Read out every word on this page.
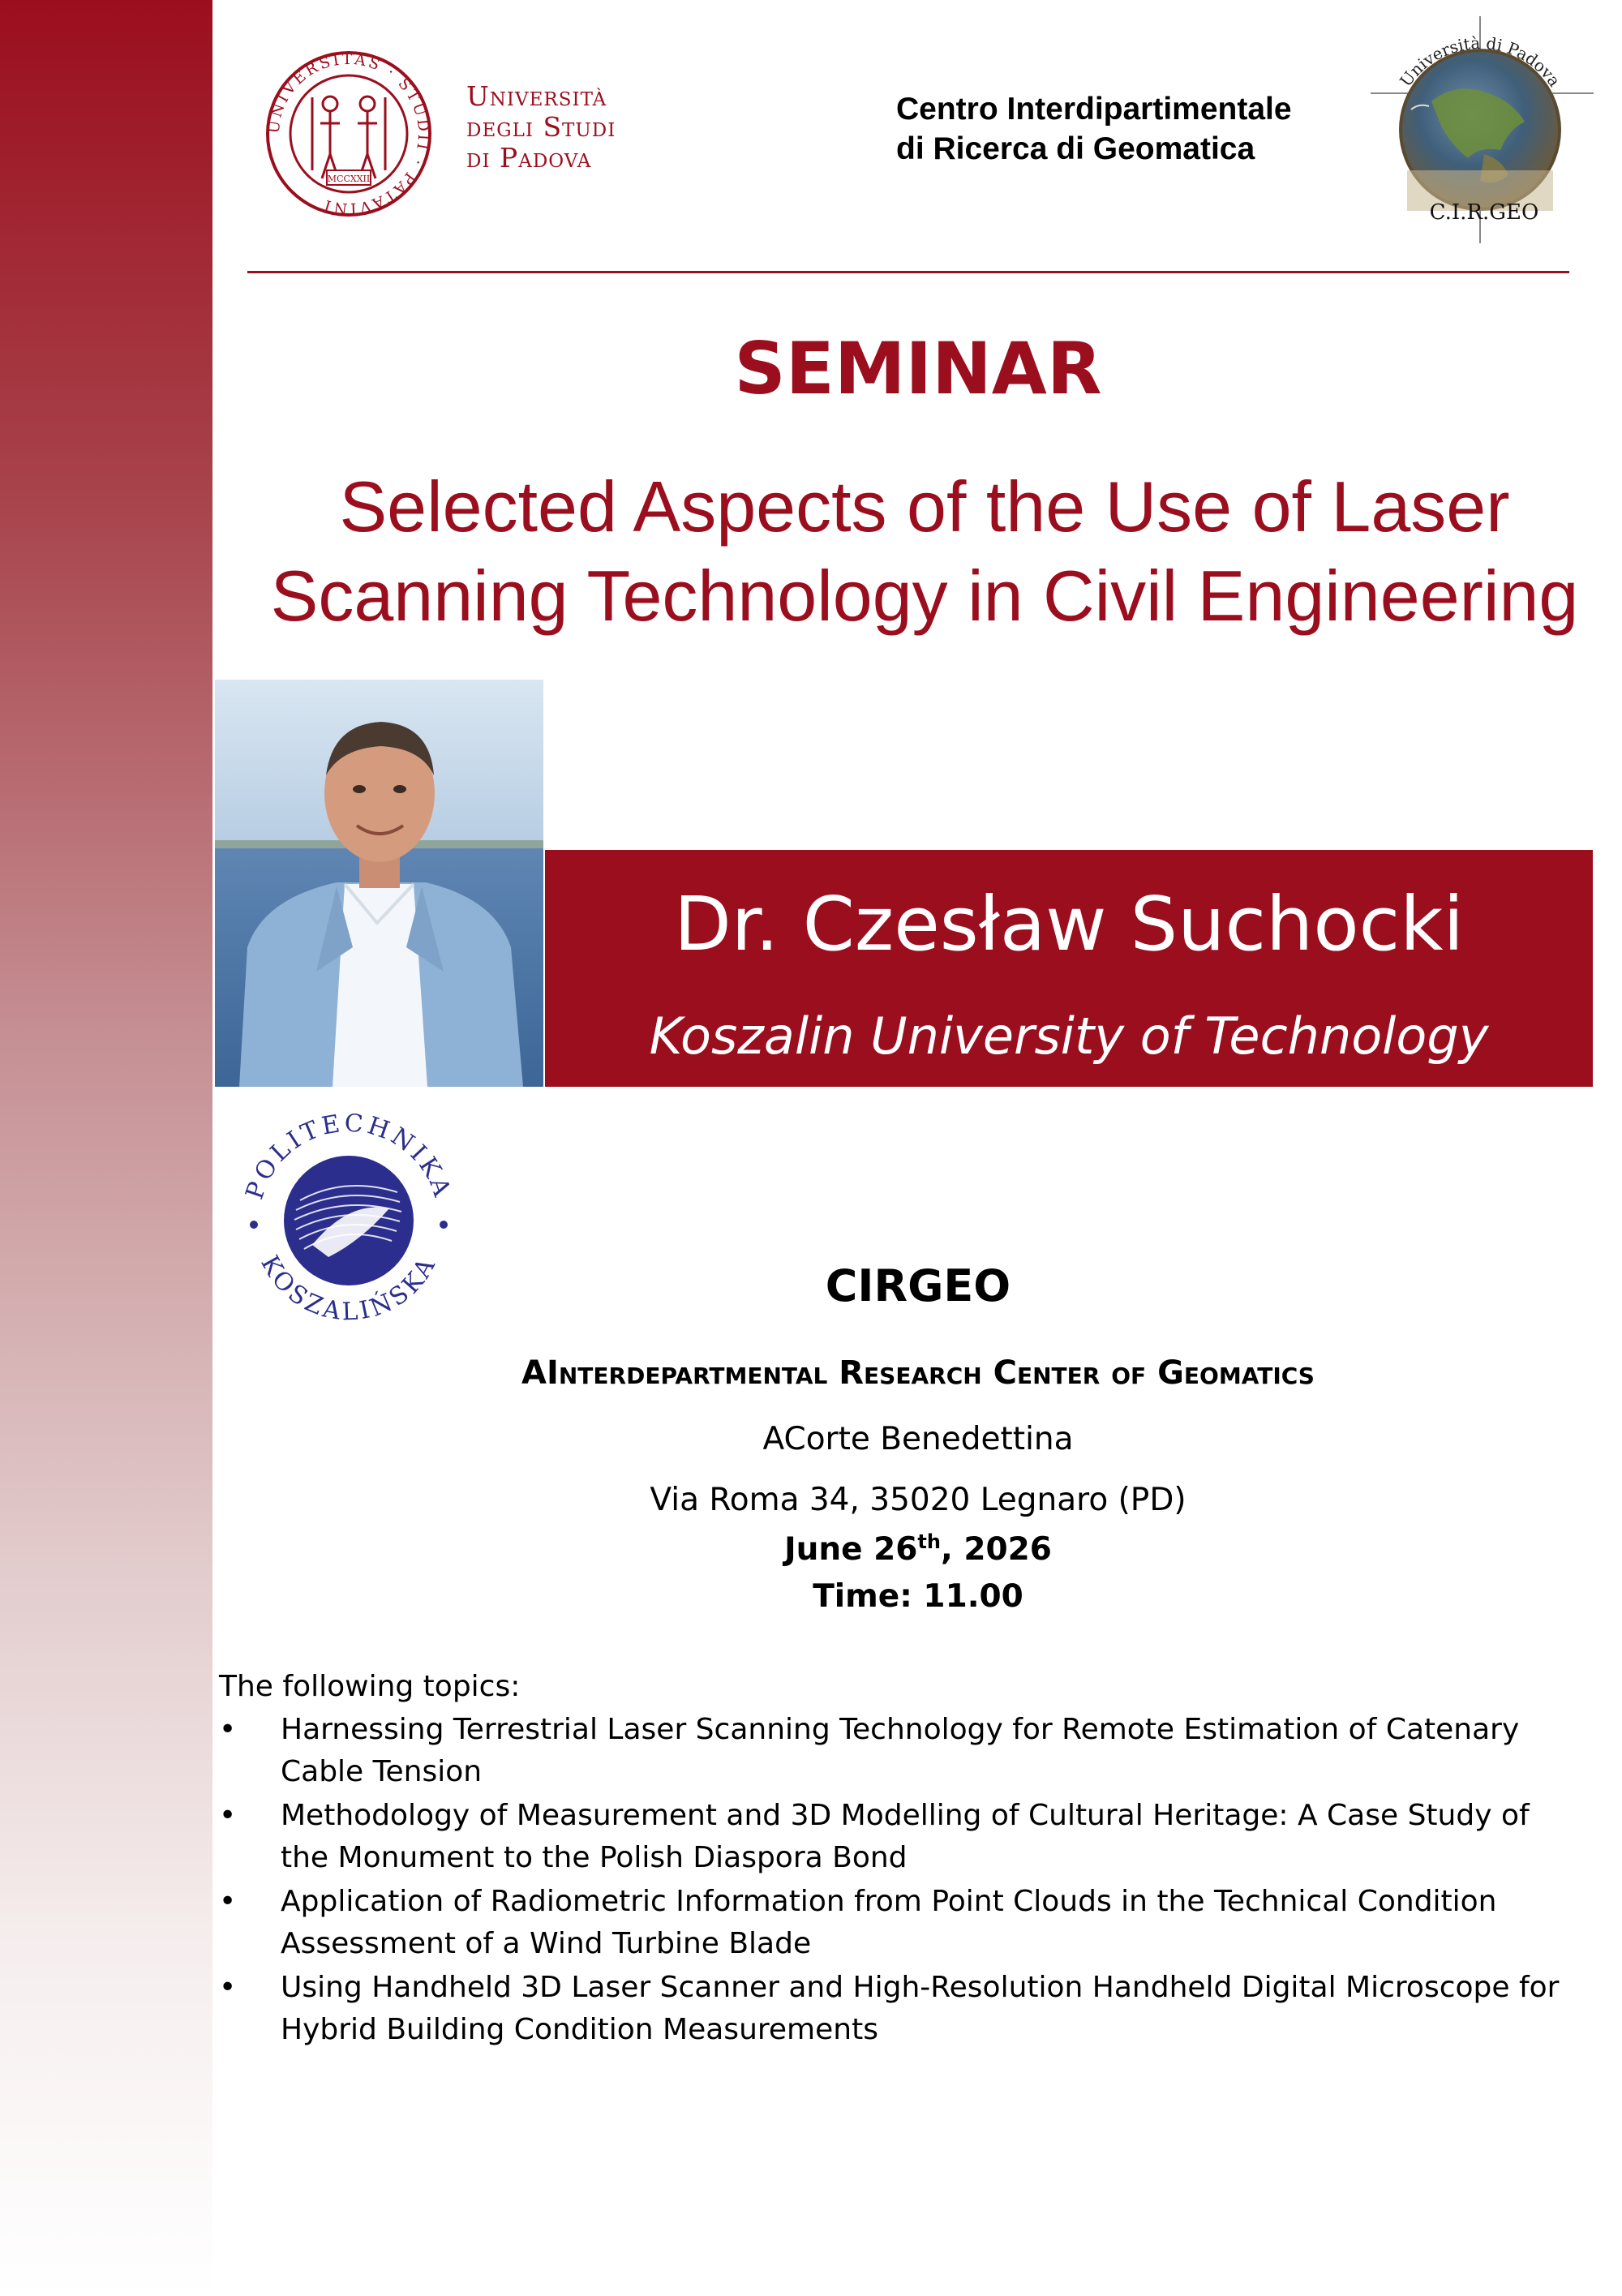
UNIVERSITAS · STUDII · PATAVINI
MCCXXII
Università
degli Studi
di Padova
Centro Interdipartimentale
di Ricerca di Geomatica
Università di Padova
C.I.R.GEO
SEMINAR
Selected Aspects of the Use of Laser Scanning Technology in Civil Engineering
Dr. Czesław Suchocki
Koszalin University of Technology
POLITECHNIKA
KOSZALIŃSKA	CIRGEO
AInterdepartmental Research Center of Geomatics
ACorte Benedettina
Via Roma 34, 35020 Legnaro (PD)
June 26th, 2026
Time: 11.00
The following topics:
• Harnessing Terrestrial Laser Scanning Technology for Remote Estimation of Catenary Cable Tension
• Methodology of Measurement and 3D Modelling of Cultural Heritage: A Case Study of the Monument to the Polish Diaspora Bond
• Application of Radiometric Information from Point Clouds in the Technical Condition Assessment of a Wind Turbine Blade
• Using Handheld 3D Laser Scanner and High-Resolution Handheld Digital Microscope for Hybrid Building Condition Measurements
